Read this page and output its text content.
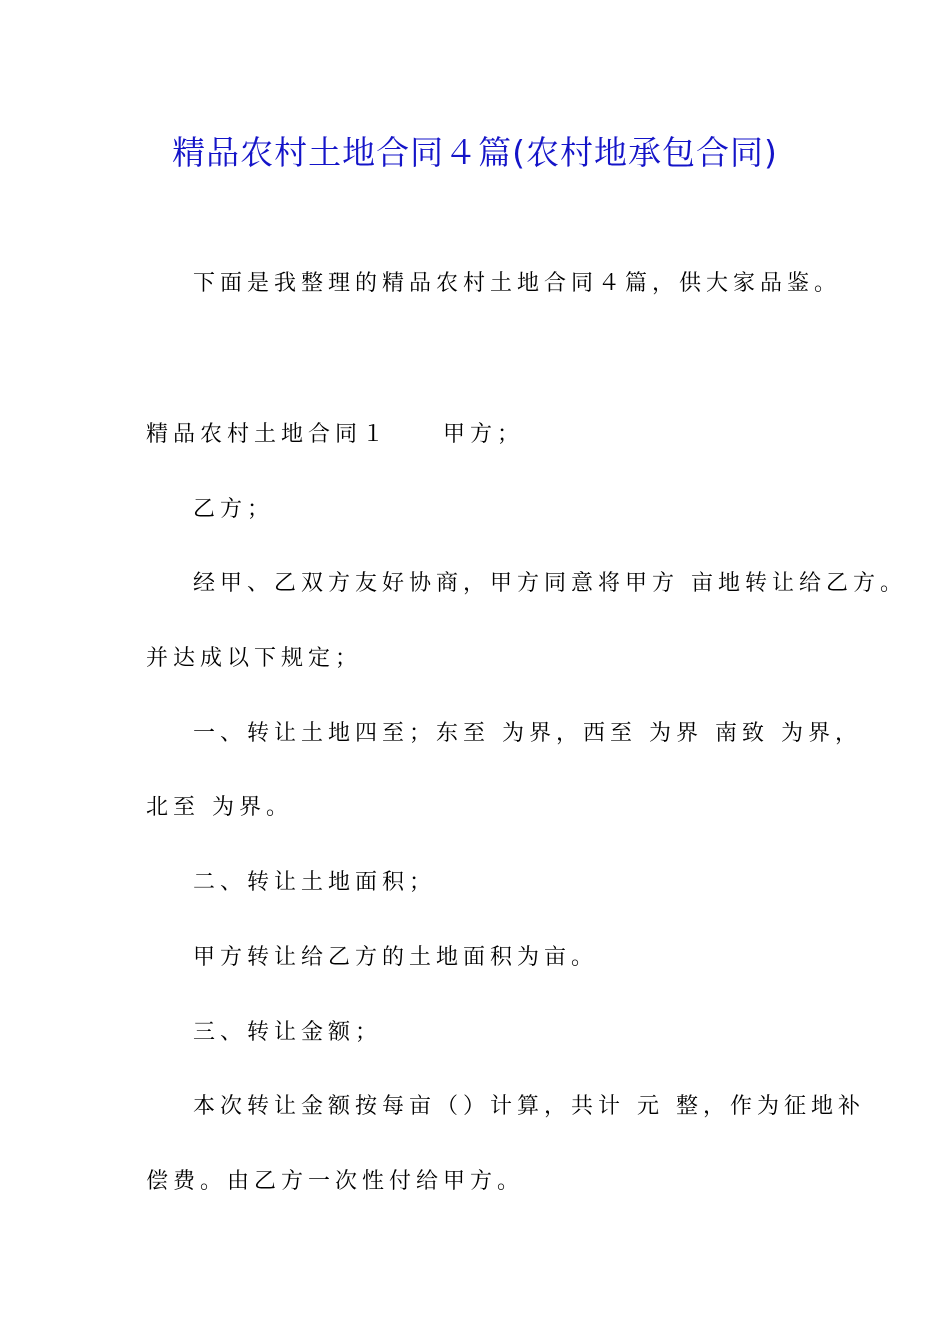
精品农村土地合同４篇(农村地承包合同)
下面是我整理的精品农村土地合同４篇，供大家品鉴。
精品农村土地合同１　　甲方；
乙方；
经甲、乙双方友好协商，甲方同意将甲方 亩地转让给乙方。
并达成以下规定；
一、转让土地四至；东至 为界，西至 为界 南致 为界，
北至 为界。
二、转让土地面积；
甲方转让给乙方的土地面积为亩。
三、转让金额；
本次转让金额按每亩（）计算，共计 元 整，作为征地补
偿费。由乙方一次性付给甲方。
